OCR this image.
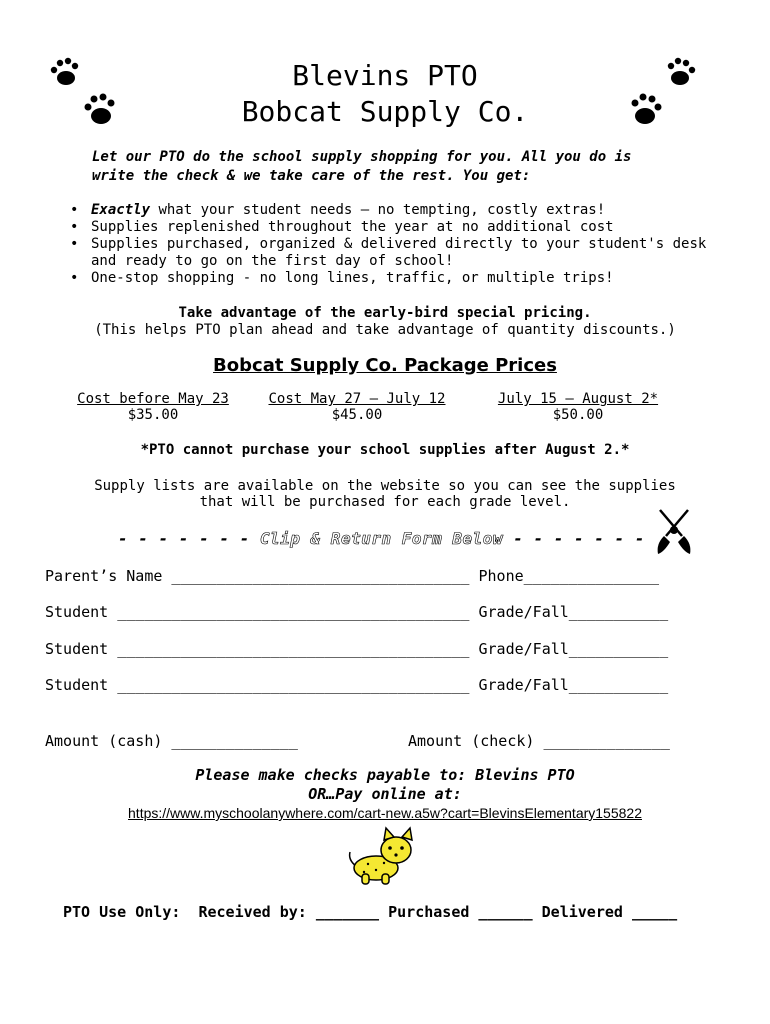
Blevins PTO
Bobcat Supply Co.
Let our PTO do the school supply shopping for you. All you do is
write the check & we take care of the rest. You get:
• Exactly what your student needs – no tempting, costly extras!
• Supplies replenished throughout the year at no additional cost
• Supplies purchased, organized & delivered directly to your student's desk and ready to go on the first day of school!
• One-stop shopping - no long lines, traffic, or multiple trips!
Take advantage of the early-bird special pricing.
(This helps PTO plan ahead and take advantage of quantity discounts.)
Bobcat Supply Co. Package Prices
Cost before May 23
$35.00
Cost May 27 – July 12
$45.00
July 15 – August 2*
$50.00
*PTO cannot purchase your school supplies after August 2.*
Supply lists are available on the website so you can see the supplies
that will be purchased for each grade level.
- - - - - - - Clip & Return Form Below - - - - - - -
Parent’s Name _________________________________ Phone_______________
Student _______________________________________ Grade/Fall___________
Student _______________________________________ Grade/Fall___________
Student _______________________________________ Grade/Fall___________
Amount (cash) ______________	Amount (check) ______________
Please make checks payable to: Blevins PTO
OR…Pay online at:
https://www.myschoolanywhere.com/cart-new.a5w?cart=BlevinsElementary155822
PTO Use Only: Received by: _______ Purchased ______ Delivered _____
